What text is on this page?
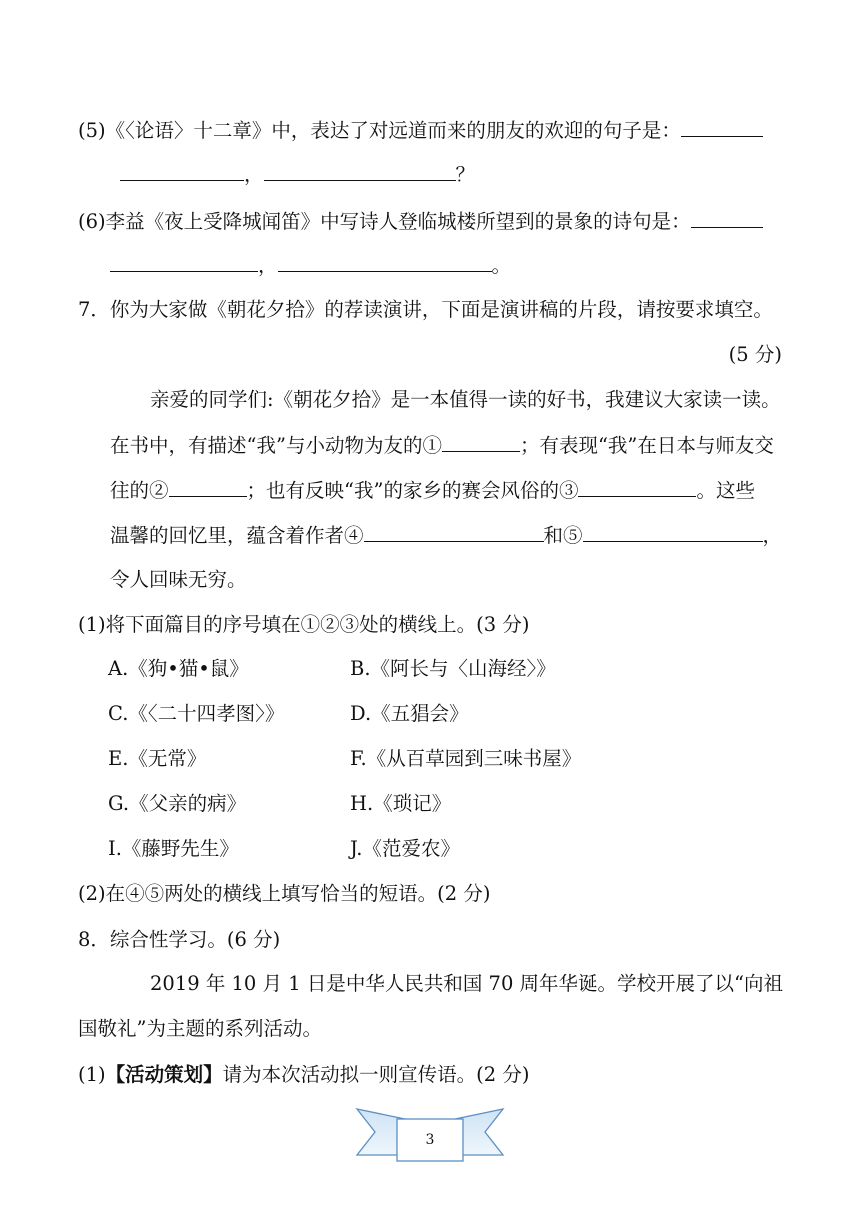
(5)《〈论语〉十二章》中，表达了对远道而来的朋友的欢迎的句子是：
，	？
(6)李益《夜上受降城闻笛》中写诗人登临城楼所望到的景象的诗句是：
，	。
7．你为大家做《朝花夕拾》的荐读演讲，下面是演讲稿的片段，请按要求填空。
(5 分)
亲爱的同学们:《朝花夕拾》是一本值得一读的好书，我建议大家读一读。
在书中，有描述“我”与小动物为友的①	；有表现“我”在日本与师友交
往的②	；也有反映“我”的家乡的赛会风俗的③	。这些
温馨的回忆里，蕴含着作者④	和⑤	，
令人回味无穷。
(1)将下面篇目的序号填在①②③处的横线上。(3 分)
A.《狗•猫•鼠》	B.《阿长与〈山海经〉》
C.《〈二十四孝图〉》	D.《五猖会》
E.《无常》	F.《从百草园到三味书屋》
G.《父亲的病》	H.《琐记》
I.《藤野先生》	J.《范爱农》
(2)在④⑤两处的横线上填写恰当的短语。(2 分)
8．综合性学习。(6 分)
2019 年 10 月 1 日是中华人民共和国 70 周年华诞。学校开展了以“向祖
国敬礼”为主题的系列活动。
(1)【活动策划】请为本次活动拟一则宣传语。(2 分)
3
